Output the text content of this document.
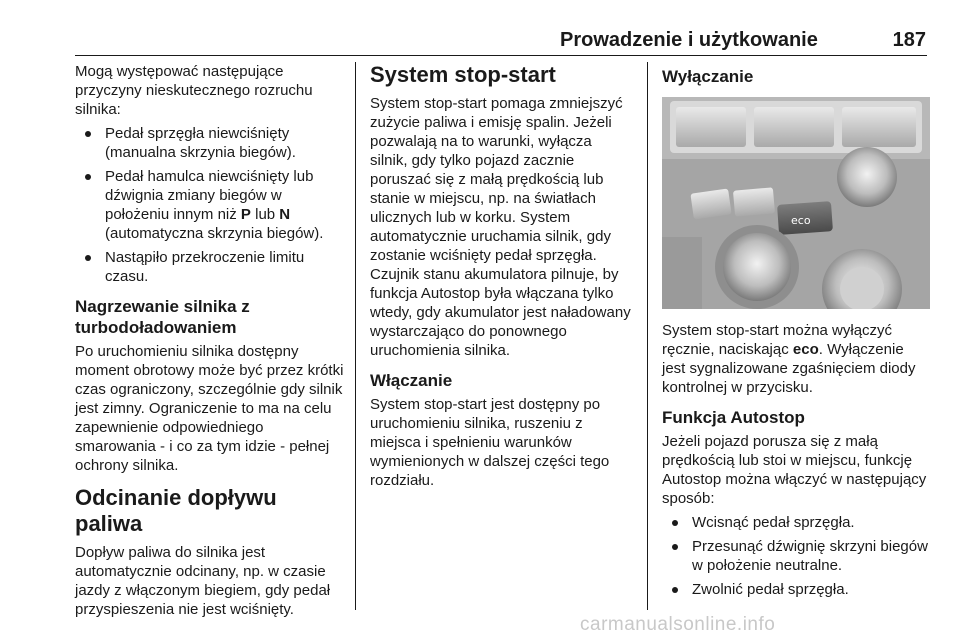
Prowadzenie i użytkowanie	187

Mogą występować następujące przyczyny nieskutecznego rozruchu silnika:

Pedał sprzęgła niewciśnięty (manualna skrzynia biegów).
Pedał hamulca niewciśnięty lub dźwignia zmiany biegów w położeniu innym niż P lub N (automatyczna skrzynia biegów).
Nastąpiło przekroczenie limitu czasu.
Nagrzewanie silnika z turbodoładowaniem

Po uruchomieniu silnika dostępny moment obrotowy może być przez krótki czas ograniczony, szczególnie gdy silnik jest zimny. Ograniczenie to ma na celu zapewnienie odpowiedniego smarowania - i co za tym idzie - pełnej ochrony silnika.

Odcinanie dopływu paliwa

Dopływ paliwa do silnika jest automatycznie odcinany, np. w czasie jazdy z włączonym biegiem, gdy pedał przyspieszenia nie jest wciśnięty.

System stop-start

System stop-start pomaga zmniejszyć zużycie paliwa i emisję spalin. Jeżeli pozwalają na to warunki, wyłącza silnik, gdy tylko pojazd zacznie poruszać się z małą prędkością lub stanie w miejscu, np. na światłach ulicznych lub w korku. System automatycznie uruchamia silnik, gdy zostanie wciśnięty pedał sprzęgła. Czujnik stanu akumulatora pilnuje, by funkcja Autostop była włączana tylko wtedy, gdy akumulator jest naładowany wystarczająco do ponownego uruchomienia silnika.

Włączanie

System stop-start jest dostępny po uruchomieniu silnika, ruszeniu z miejsca i spełnieniu warunków wymienionych w dalszej części tego rozdziału.

Wyłączanie
eco

System stop-start można wyłączyć ręcznie, naciskając eco. Wyłączenie jest sygnalizowane zgaśnięciem diody kontrolnej w przycisku.

Funkcja Autostop

Jeżeli pojazd porusza się z małą prędkością lub stoi w miejscu, funkcję Autostop można włączyć w następujący sposób:

Wcisnąć pedał sprzęgła.
Przesunąć dźwignię skrzyni biegów w położenie neutralne.
Zwolnić pedał sprzęgła.
carmanualsonline.info
